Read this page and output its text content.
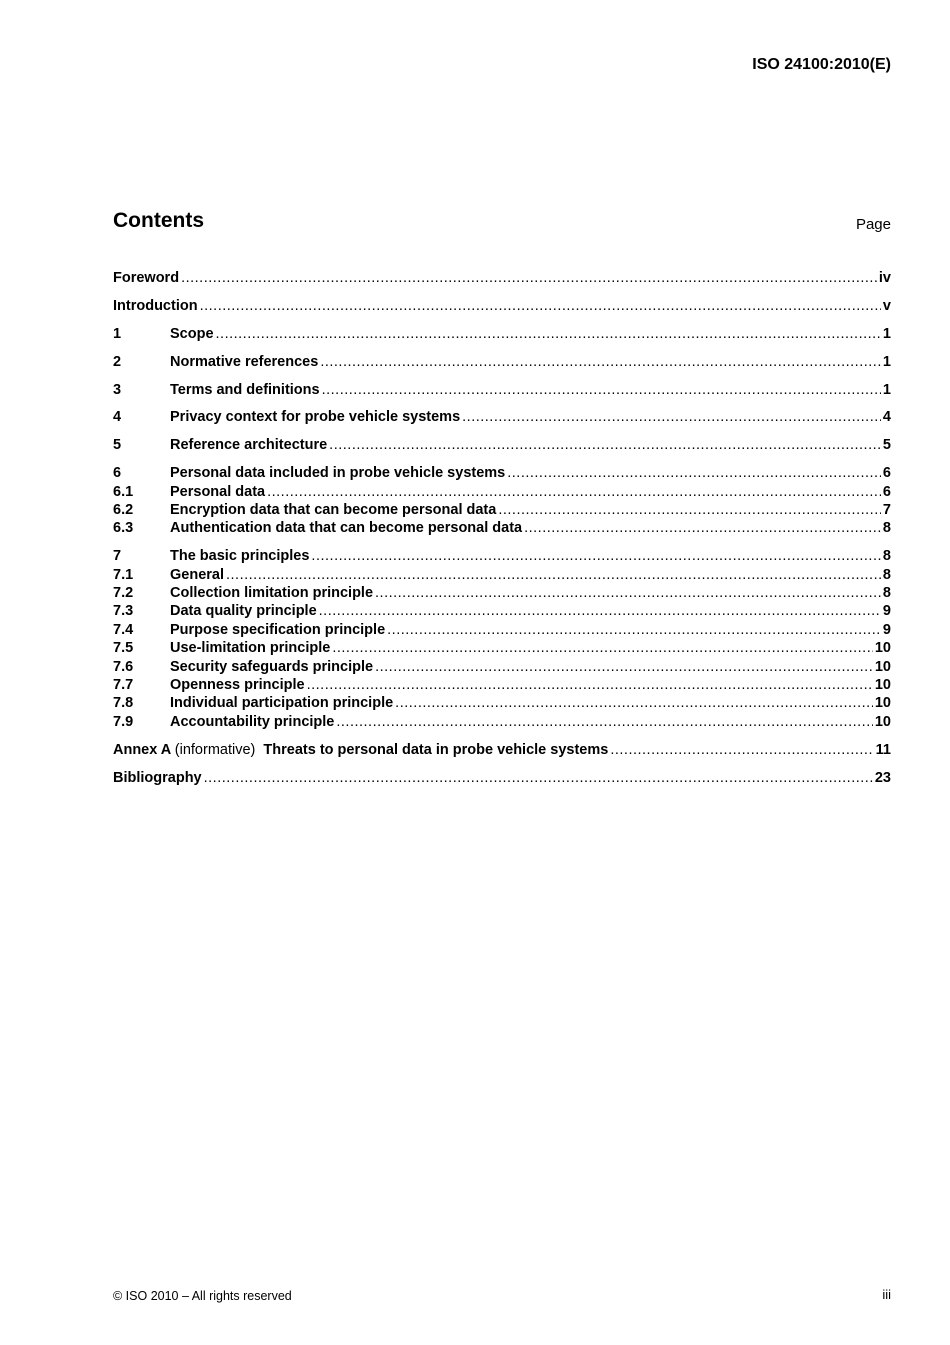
ISO 24100:2010(E)
Contents	Page
Foreword .....	iv
Introduction .....	v
1	Scope .....	1
2	Normative references .....	1
3	Terms and definitions .....	1
4	Privacy context for probe vehicle systems .....	4
5	Reference architecture .....	5
6	Personal data included in probe vehicle systems .....	6
6.1	Personal data .....	6
6.2	Encryption data that can become personal data .....	7
6.3	Authentication data that can become personal data .....	8
7	The basic principles .....	8
7.1	General .....	8
7.2	Collection limitation principle .....	8
7.3	Data quality principle .....	9
7.4	Purpose specification principle .....	9
7.5	Use-limitation principle .....	10
7.6	Security safeguards principle .....	10
7.7	Openness principle .....	10
7.8	Individual participation principle .....	10
7.9	Accountability principle .....	10
Annex A (informative) Threats to personal data in probe vehicle systems .....	11
Bibliography .....	23
© ISO 2010 – All rights reserved	iii
